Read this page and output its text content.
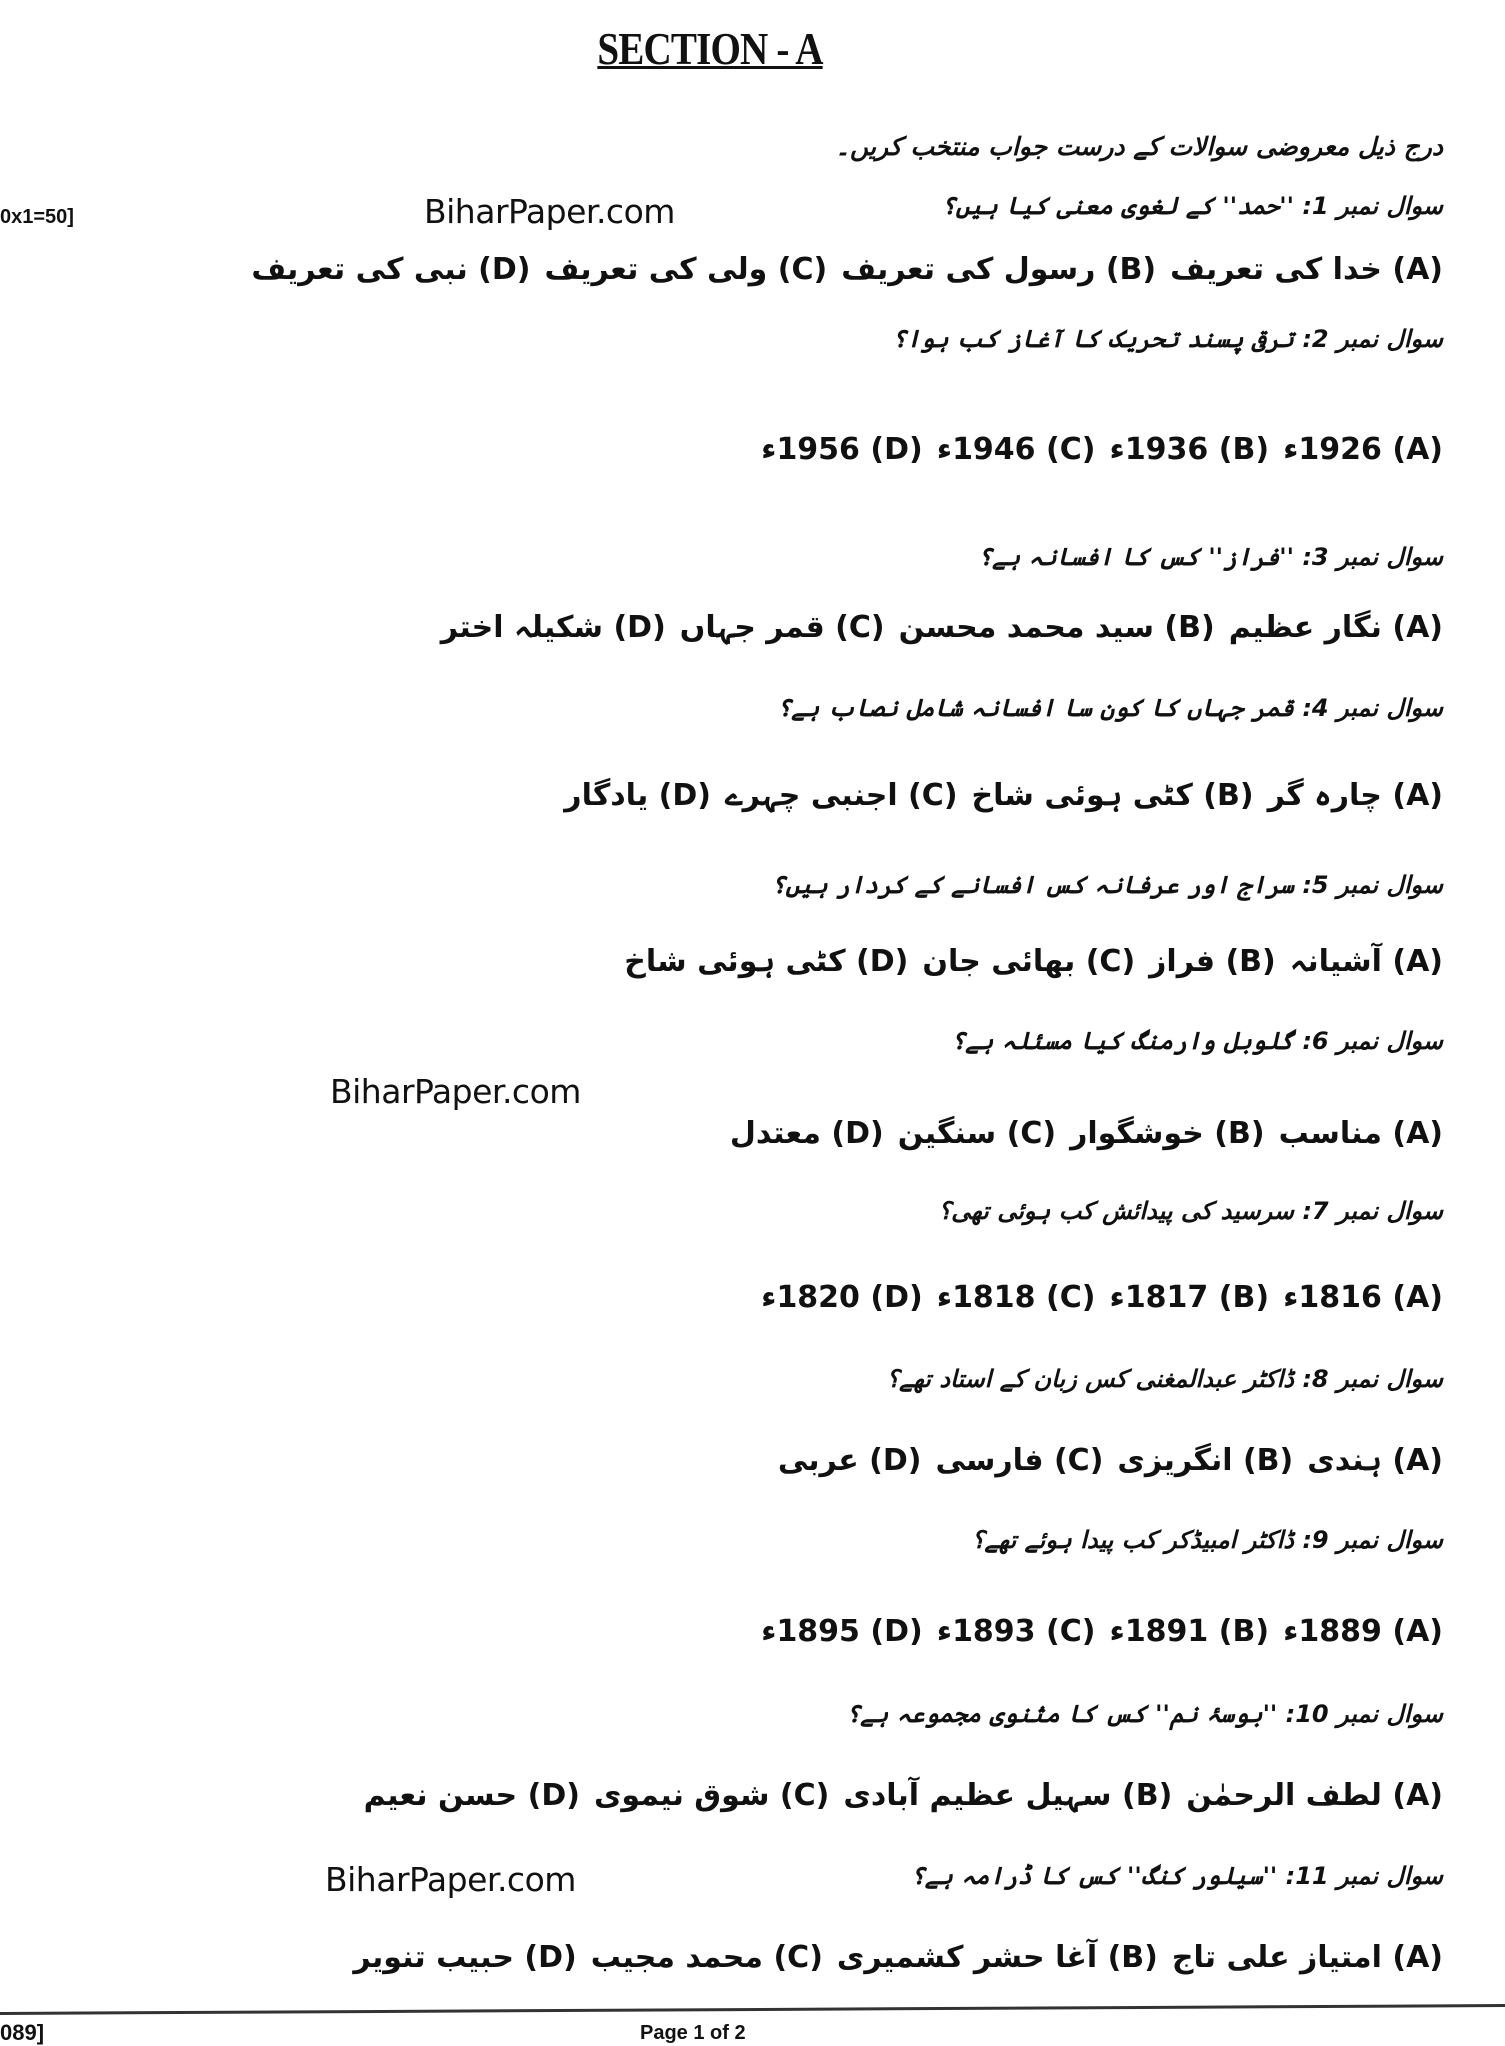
SECTION - A
0x1=50]
درج ذیل معروضی سوالات کے درست جواب منتخب کریں۔
BiharPaper.com
BiharPaper.com
BiharPaper.com
سوال نمبر 1: ''حمد'' کے لغوی معنی کیا ہیں؟
(A) خدا کی تعریف(B) رسول کی تعریف(C) ولی کی تعریف(D) نبی کی تعریف
سوال نمبر 2: ترقی پسند تحریک کا آغاز کب ہوا؟
(A) 1926ء(B) 1936ء(C) 1946ء(D) 1956ء
سوال نمبر 3: ''فراز'' کس کا افسانہ ہے؟
(A) نگار عظیم(B) سید محمد محسن(C) قمر جہاں(D) شکیلہ اختر
سوال نمبر 4: قمر جہاں کا کون سا افسانہ شامل نصاب ہے؟
(A) چارہ گر(B) کٹی ہوئی شاخ(C) اجنبی چہرے(D) یادگار
سوال نمبر 5: سراج اور عرفانہ کس افسانے کے کردار ہیں؟
(A) آشیانہ(B) فراز(C) بھائی جان(D) کٹی ہوئی شاخ
سوال نمبر 6: گلوبل وارمنگ کیا مسئلہ ہے؟
(A) مناسب(B) خوشگوار(C) سنگین(D) معتدل
سوال نمبر 7: سرسید کی پیدائش کب ہوئی تھی؟
(A) 1816ء(B) 1817ء(C) 1818ء(D) 1820ء
سوال نمبر 8: ڈاکٹر عبدالمغنی کس زبان کے استاد تھے؟
(A) ہندی(B) انگریزی(C) فارسی(D) عربی
سوال نمبر 9: ڈاکٹر امبیڈکر کب پیدا ہوئے تھے؟
(A) 1889ء(B) 1891ء(C) 1893ء(D) 1895ء
سوال نمبر 10: ''بوسۂ نم'' کس کا مثنوی مجموعہ ہے؟
(A) لطف الرحمٰن(B) سہیل عظیم آبادی(C) شوق نیموی(D) حسن نعیم
سوال نمبر 11: ''سیلور کنگ'' کس کا ڈرامہ ہے؟
(A) امتیاز علی تاج(B) آغا حشر کشمیری(C) محمد مجیب(D) حبیب تنویر
089]	Page 1 of 2
